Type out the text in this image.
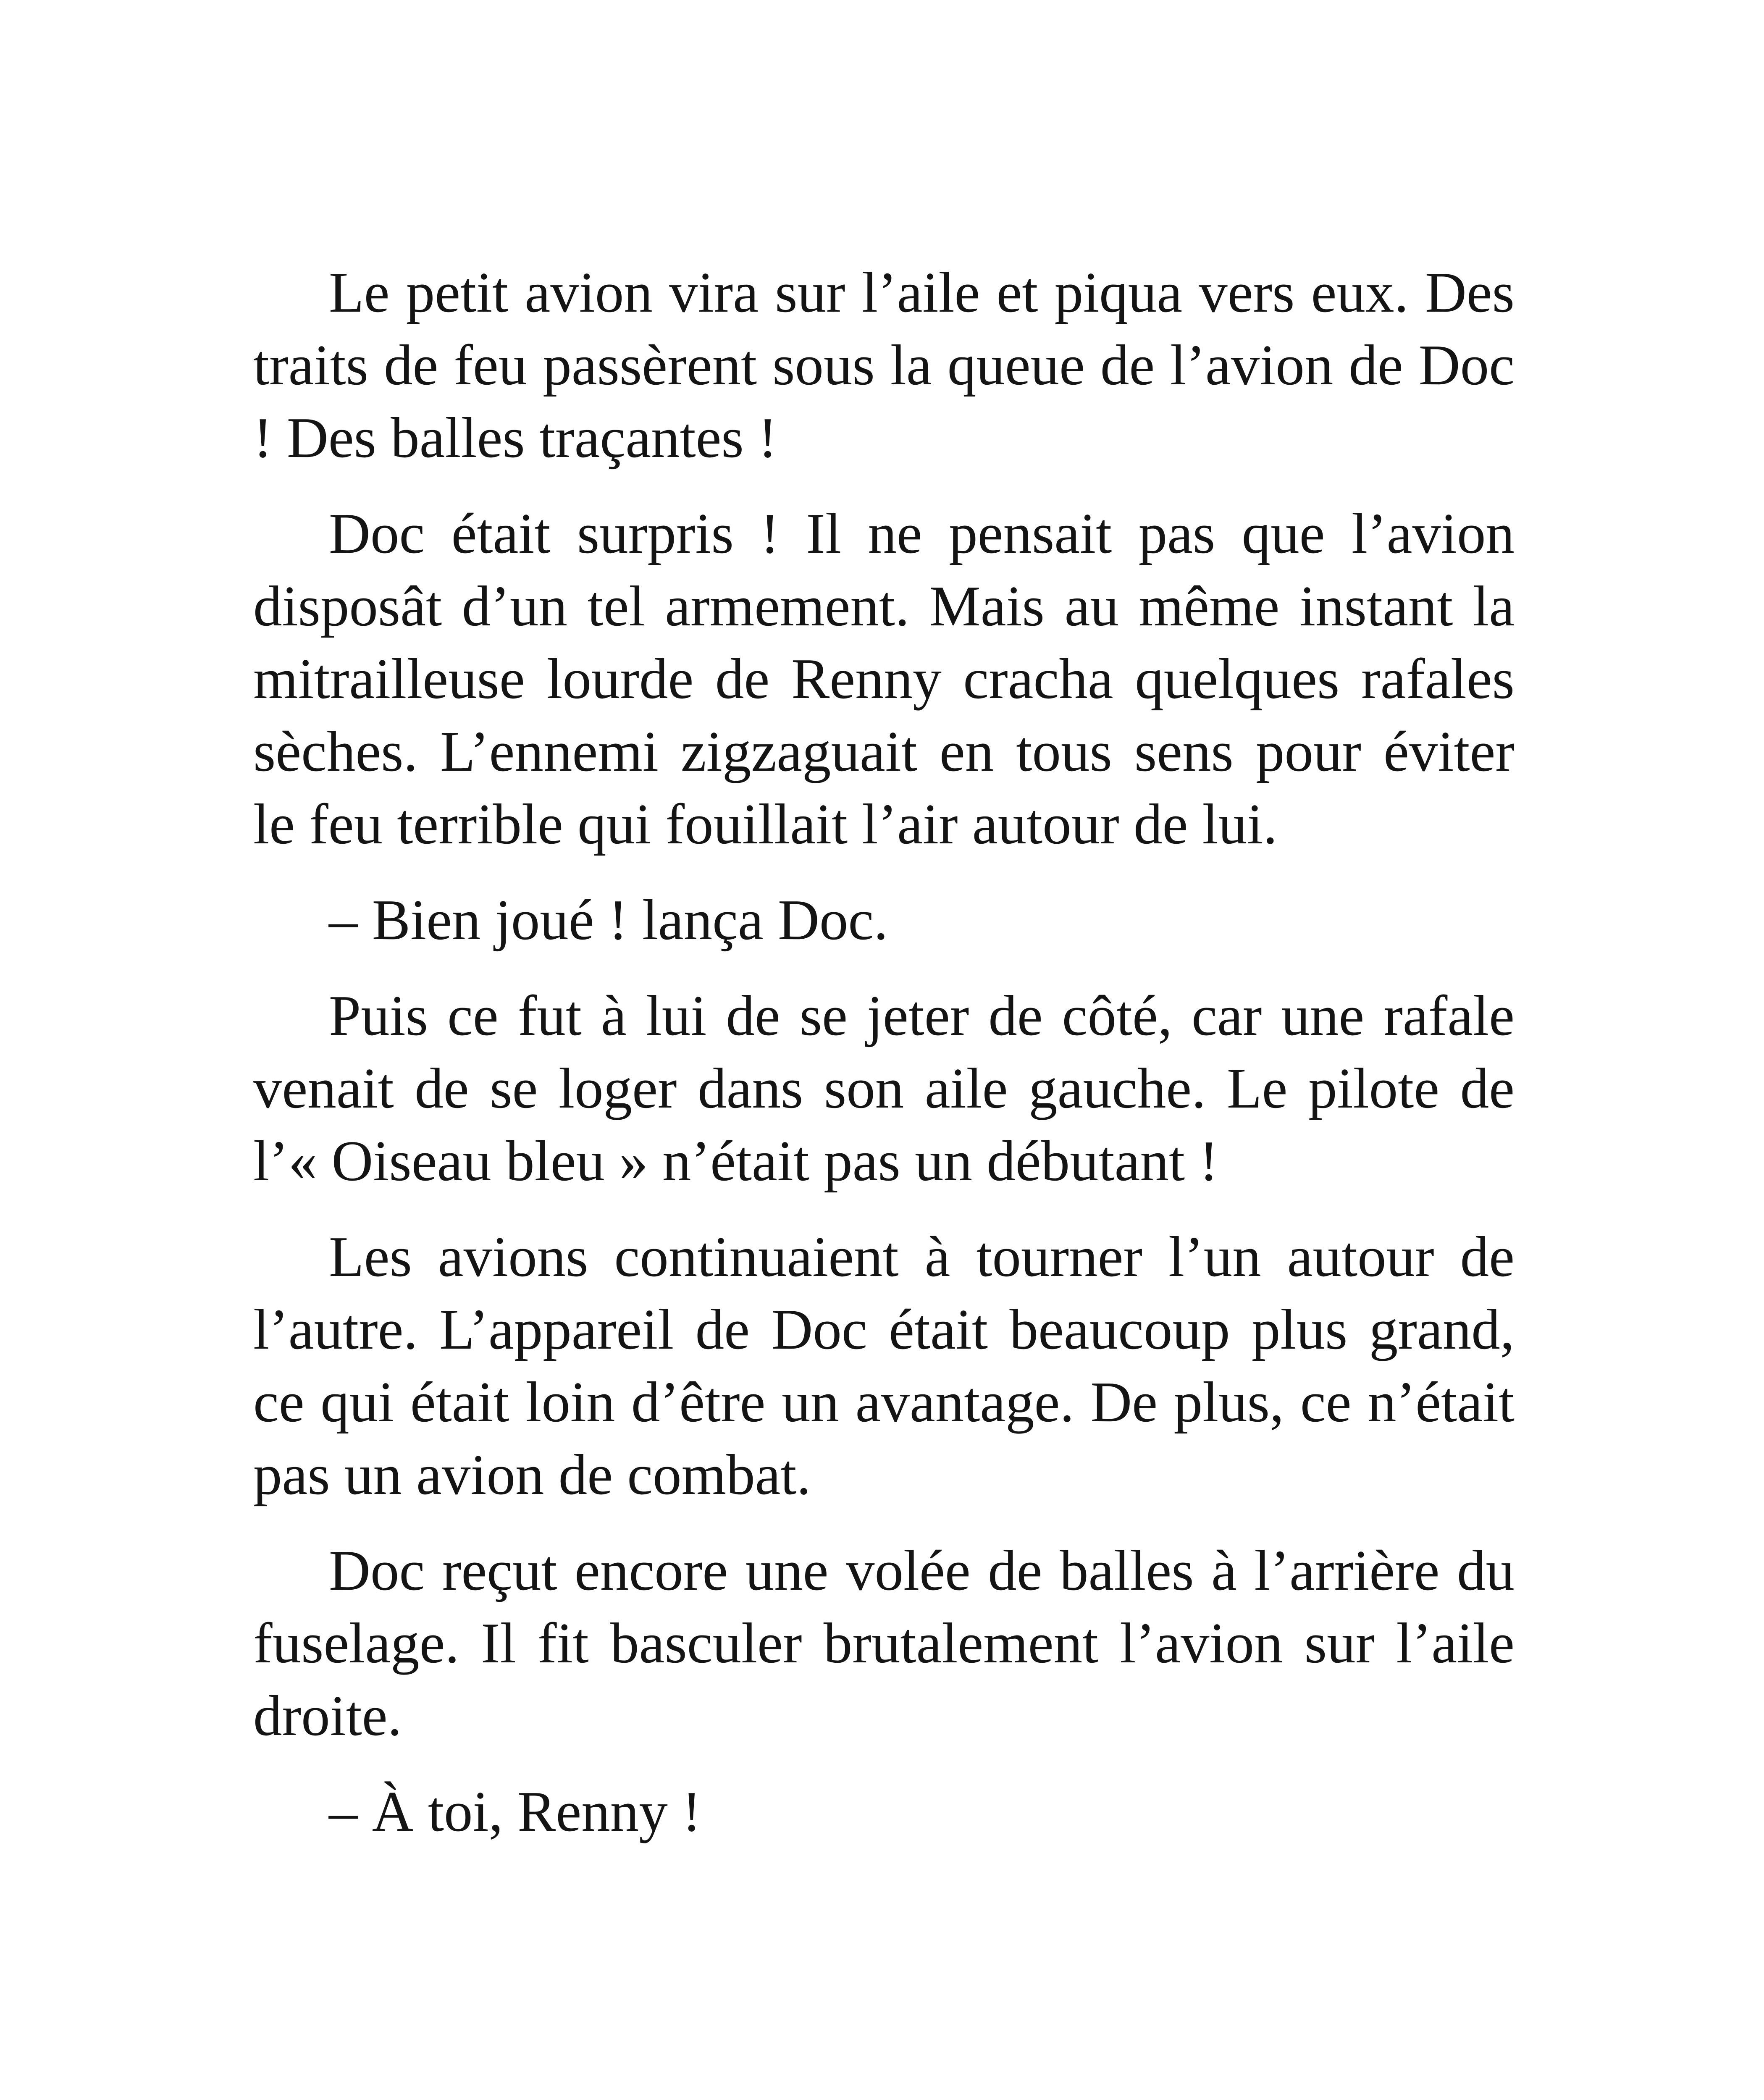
Le petit avion vira sur l’aile et piqua vers eux. Des traits de feu passèrent sous la queue de l’avion de Doc ! Des balles traçantes !

Doc était surpris ! Il ne pensait pas que l’avion disposât d’un tel armement. Mais au même instant la mitrailleuse lourde de Renny cracha quelques rafales sèches. L’ennemi zigzaguait en tous sens pour éviter le feu terrible qui fouillait l’air autour de lui.

– Bien joué ! lança Doc.

Puis ce fut à lui de se jeter de côté, car une rafale venait de se loger dans son aile gauche. Le pilote de l’« Oiseau bleu » n’était pas un débutant !

Les avions continuaient à tourner l’un autour de l’autre. L’appareil de Doc était beaucoup plus grand, ce qui était loin d’être un avantage. De plus, ce n’était pas un avion de combat.

Doc reçut encore une volée de balles à l’arrière du fuselage. Il fit basculer brutalement l’avion sur l’aile droite.

– À toi, Renny !
